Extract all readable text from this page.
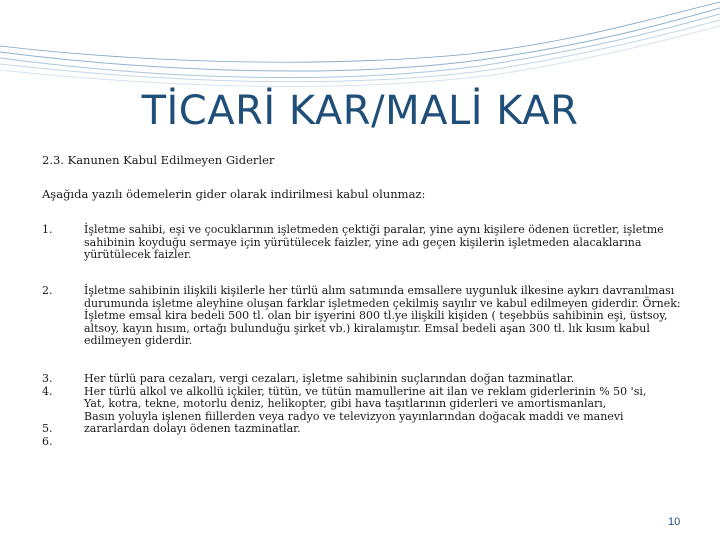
TİCARİ KAR/MALİ KAR
2.3. Kanunen Kabul Edilmeyen Giderler
Aşağıda yazılı ödemelerin gider olarak indirilmesi kabul olunmaz:
1.	İşletme sahibi, eşi ve çocuklarının işletmeden çektiği paralar, yine aynı kişilere ödenen ücretler, işletme sahibinin koyduğu sermaye için yürütülecek faizler, yine adı geçen kişilerin işletmeden alacaklarına yürütülecek faizler.
2.	İşletme sahibinin ilişkili kişilerle her türlü alım satımında emsallere uygunluk ilkesine aykırı davranılması durumunda işletme aleyhine oluşan farklar işletmeden çekilmiş sayılır ve kabul edilmeyen giderdir. Örnek: İşletme emsal kira bedeli 500 tl. olan bir işyerini 800 tl.ye ilişkili kişiden ( teşebbüs sahibinin eşi, üstsoy, altsoy, kayın hısım, ortağı bulunduğu şirket vb.) kiralamıştır. Emsal bedeli aşan 300 tl. lık kısım kabul edilmeyen giderdir.
3.
4.
5.
6.
Her türlü para cezaları, vergi cezaları, işletme sahibinin suçlarından doğan tazminatlar.
Her türlü alkol ve alkollü içkiler, tütün, ve tütün mamullerine ait ilan ve reklam giderlerinin % 50 'si,
Yat, kotra, tekne, motorlu deniz, helikopter, gibi hava taşıtlarının giderleri ve amortismanları,
Basın yoluyla işlenen fiillerden veya radyo ve televizyon yayınlarından doğacak maddi ve manevi zararlardan dolayı ödenen tazminatlar.
10
